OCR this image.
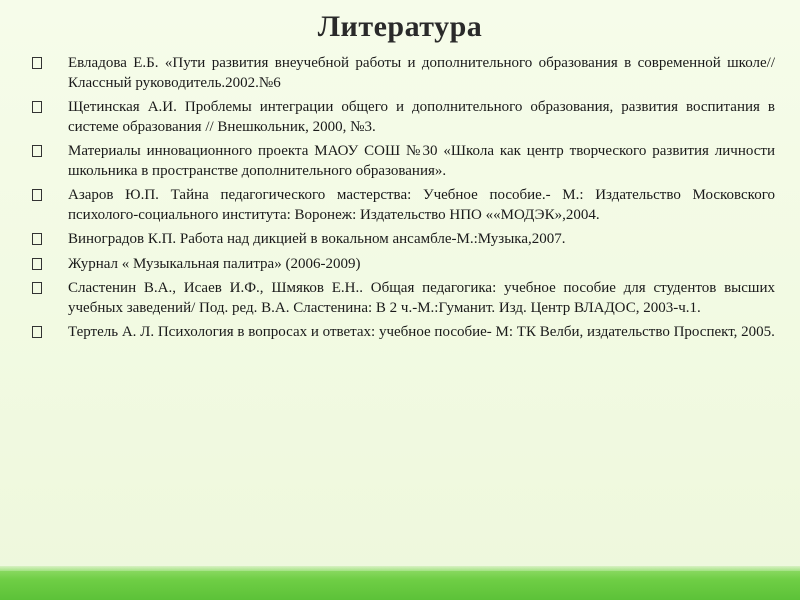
Литература
Евладова Е.Б. «Пути развития внеучебной работы и дополнительного образования в современной школе// Классный руководитель.2002.№6
Щетинская А.И. Проблемы интеграции общего и дополнительного образования, развития воспитания в системе образования // Внешкольник, 2000, №3.
Материалы инновационного проекта МАОУ СОШ №30 «Школа как центр творческого развития личности школьника в пространстве дополнительного образования».
Азаров Ю.П. Тайна педагогического мастерства: Учебное пособие.- М.: Издательство Московского психолого-социального института: Воронеж: Издательство НПО ««МОДЭК»,2004.
Виноградов К.П. Работа над дикцией в вокальном ансамбле-М.:Музыка,2007.
Журнал « Музыкальная палитра» (2006-2009)
Сластенин В.А., Исаев И.Ф., Шмяков Е.Н.. Общая педагогика: учебное пособие для студентов высших учебных заведений/ Под. ред. В.А. Сластенина: В 2 ч.-М.:Гуманит. Изд. Центр ВЛАДОС, 2003-ч.1.
Тертель А. Л. Психология в вопросах и ответах: учебное пособие- М: ТК Велби, издательство Проспект, 2005.
